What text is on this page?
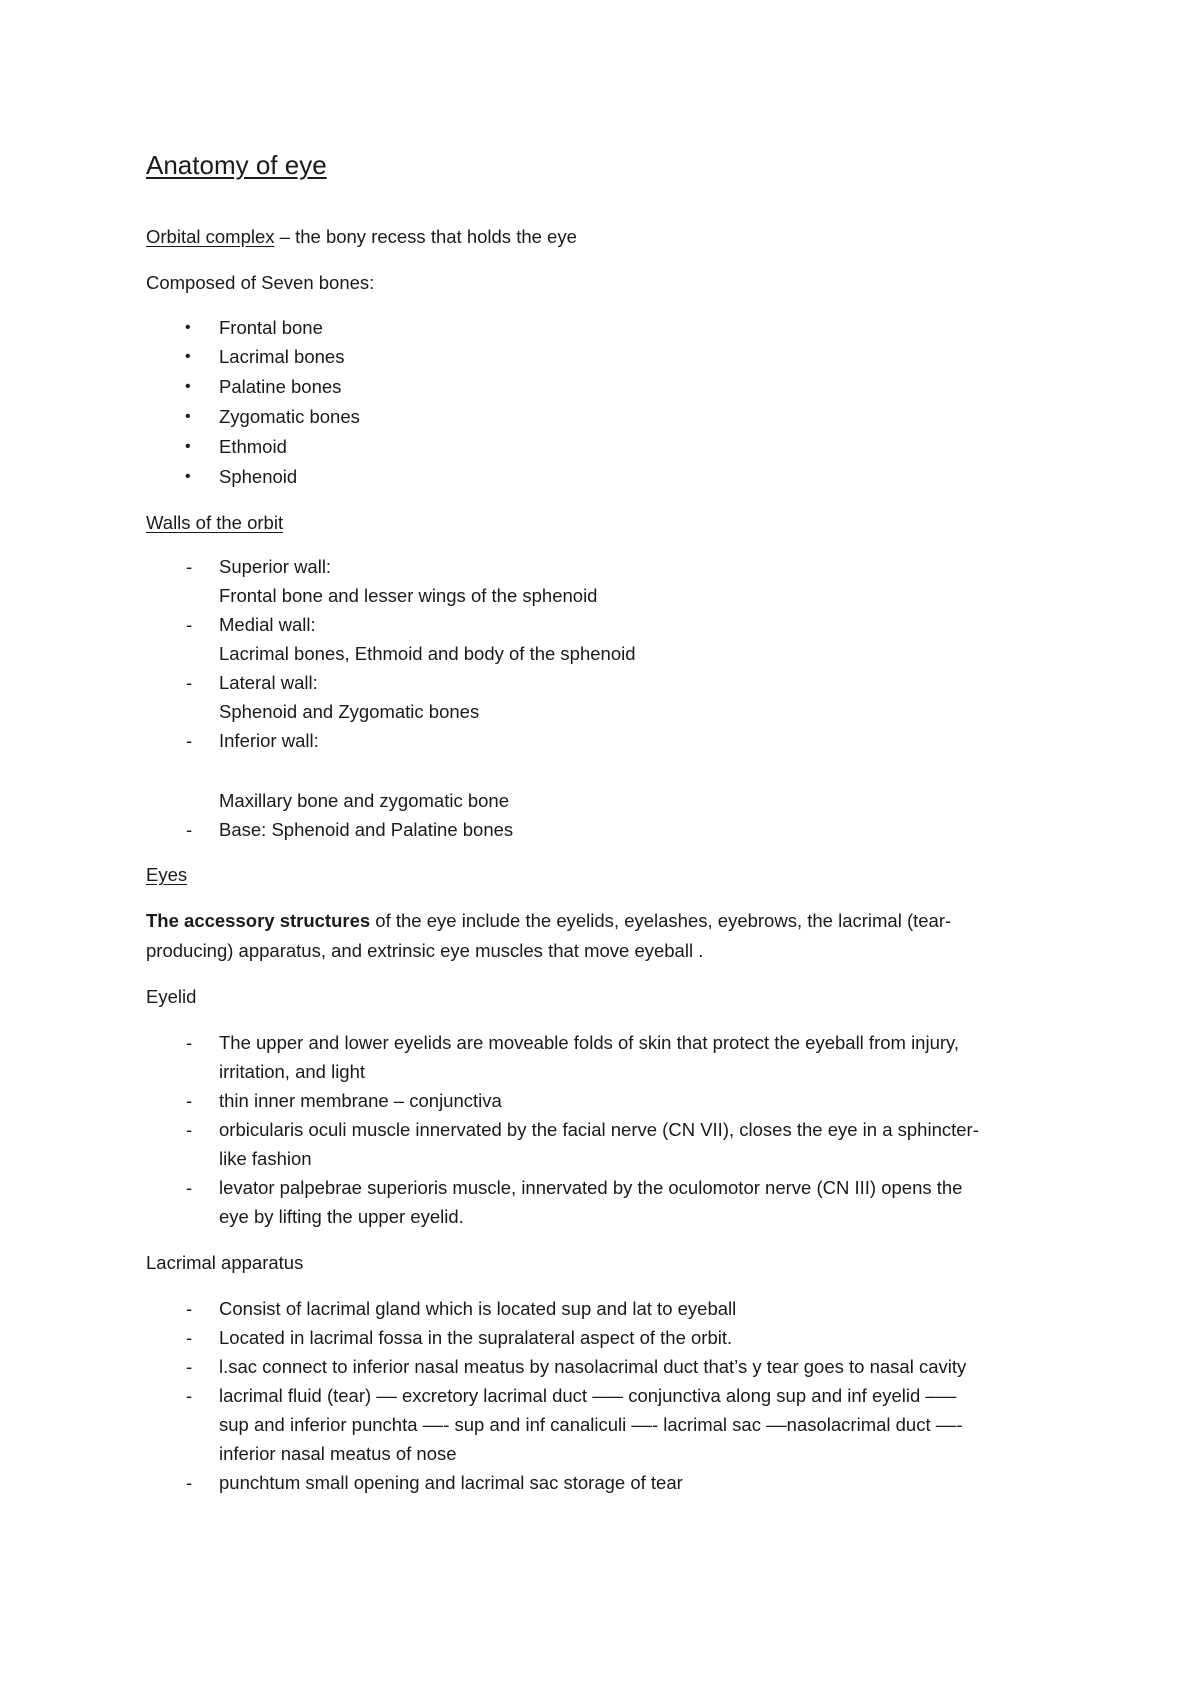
Anatomy of eye
Orbital complex – the bony recess that holds the eye
Composed of Seven bones:
• Frontal bone
• Lacrimal bones
• Palatine bones
• Zygomatic bones
• Ethmoid
• Sphenoid
Walls of the orbit
- Superior wall:
Frontal bone and lesser wings of the sphenoid
- Medial wall:
Lacrimal bones, Ethmoid and body of the sphenoid
- Lateral wall:
Sphenoid and Zygomatic bones
- Inferior wall:
Maxillary bone and zygomatic bone
- Base: Sphenoid and Palatine bones
Eyes
The accessory structures of the eye include the eyelids, eyelashes, eyebrows, the lacrimal (tear-
producing) apparatus, and extrinsic eye muscles that move eyeball .
Eyelid
- The upper and lower eyelids are moveable folds of skin that protect the eyeball from injury,
irritation, and light
- thin inner membrane – conjunctiva
- orbicularis oculi muscle innervated by the facial nerve (CN VII), closes the eye in a sphincter-
like fashion
- levator palpebrae superioris muscle, innervated by the oculomotor nerve (CN III) opens the
eye by lifting the upper eyelid.
Lacrimal apparatus
- Consist of lacrimal gland which is located sup and lat to eyeball
- Located in lacrimal fossa in the supralateral aspect of the orbit.
- l.sac connect to inferior nasal meatus by nasolacrimal duct that’s y tear goes to nasal cavity
- lacrimal fluid (tear) –– excretory lacrimal duct ––– conjunctiva along sup and inf eyelid –––
sup and inferior punchta ––- sup and inf canaliculi ––- lacrimal sac ––nasolacrimal duct ––-
inferior nasal meatus of nose
- punchtum small opening and lacrimal sac storage of tear
